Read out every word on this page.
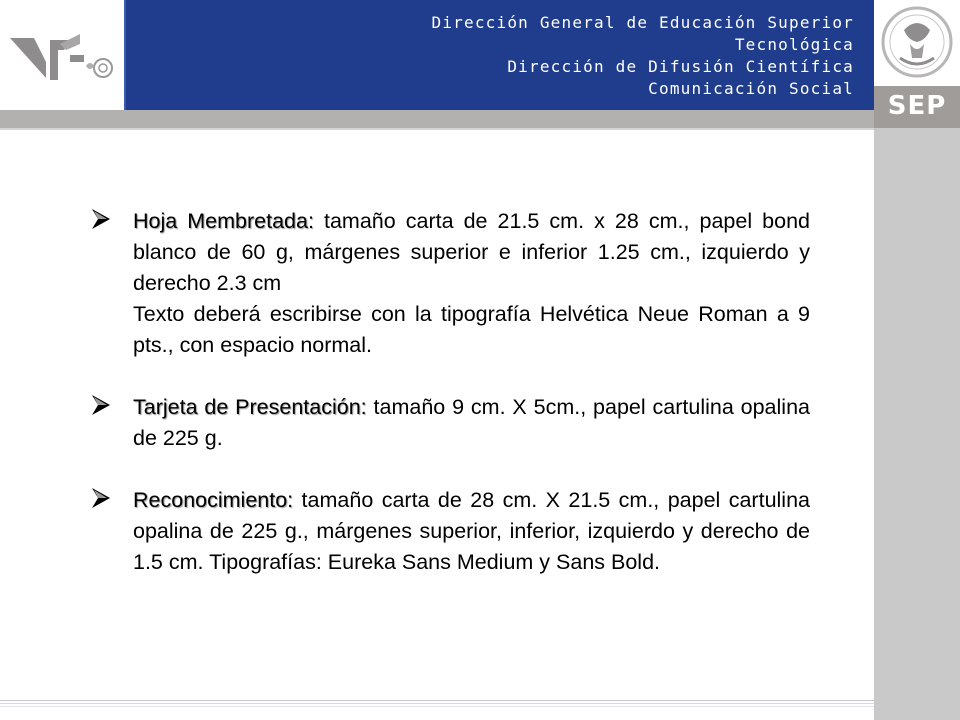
Dirección General de Educación Superior
Tecnológica
Dirección de Difusión Científica
Comunicación Social
SEP
Hoja Membretada: tamaño carta de 21.5 cm. x 28 cm., papel bond blanco de 60 g, márgenes superior e inferior 1.25 cm., izquierdo y derecho 2.3 cm
Texto deberá escribirse con la tipografía Helvética Neue Roman a 9 pts., con espacio normal.
Tarjeta de Presentación: tamaño 9 cm. X 5cm., papel cartulina opalina de 225 g.
Reconocimiento: tamaño carta de 28 cm. X 21.5 cm., papel cartulina opalina de 225 g., márgenes superior, inferior, izquierdo y derecho de 1.5 cm. Tipografías: Eureka Sans Medium y Sans Bold.
